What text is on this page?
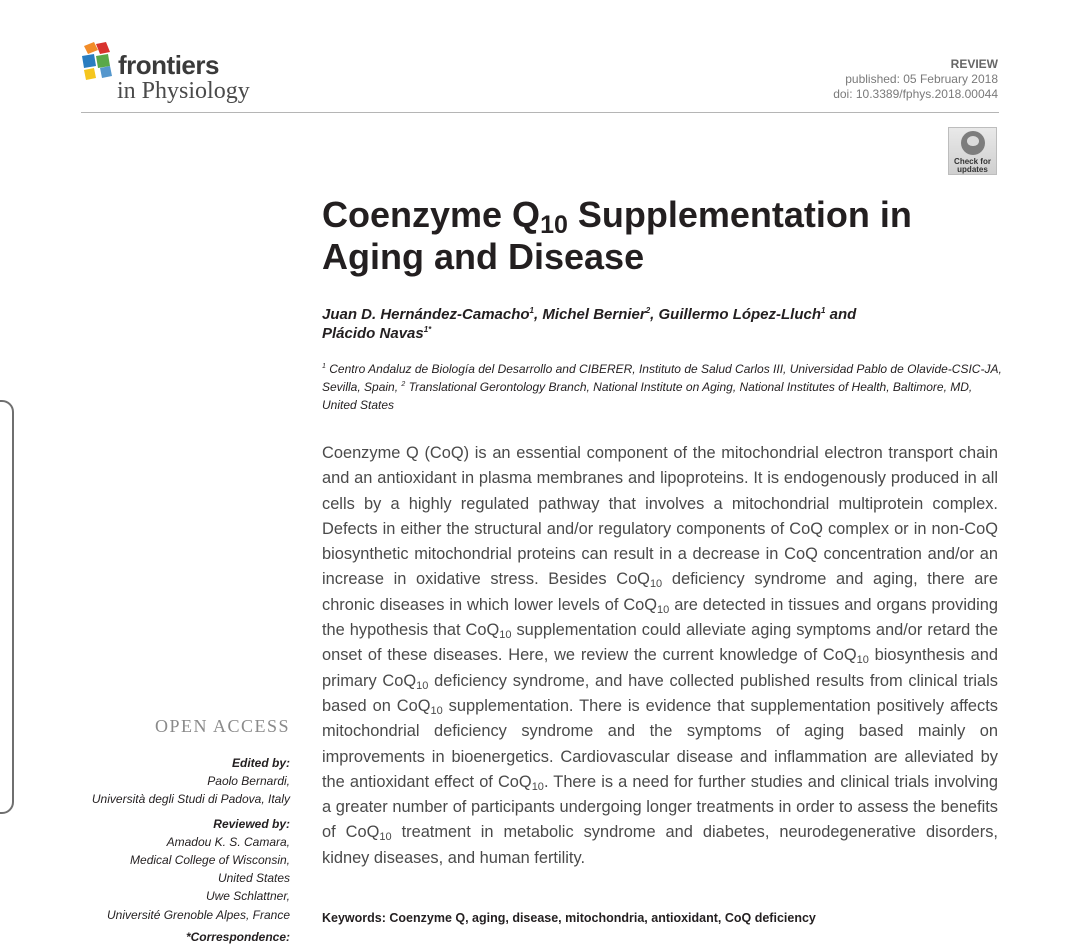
frontiers
in Physiology
REVIEW
published: 05 February 2018
doi: 10.3389/fphys.2018.00044
Check for
updates
Coenzyme $Q_{10}$ Supplementation in Aging and Disease
Juan D. Hernández-Camacho$^1$, Michel Bernier$^2$, Guillermo López-Lluch$^1$ and
Plácido Navas$^{1*}$
$^1$ Centro Andaluz de Biología del Desarrollo and CIBERER, Instituto de Salud Carlos III, Universidad Pablo de Olavide-CSIC-JA, Sevilla, Spain, $^2$ Translational Gerontology Branch, National Institute on Aging, National Institutes of Health, Baltimore, MD, United States

Coenzyme Q (CoQ) is an essential component of the mitochondrial electron transport chain and an antioxidant in plasma membranes and lipoproteins. It is endogenously produced in all cells by a highly regulated pathway that involves a mitochondrial multiprotein complex. Defects in either the structural and/or regulatory components of CoQ complex or in non-CoQ biosynthetic mitochondrial proteins can result in a decrease in CoQ concentration and/or an increase in oxidative stress. Besides CoQ$_{10}$ deficiency syndrome and aging, there are chronic diseases in which lower levels of CoQ$_{10}$ are detected in tissues and organs providing the hypothesis that CoQ$_{10}$ supplementation could alleviate aging symptoms and/or retard the onset of these diseases. Here, we review the current knowledge of CoQ$_{10}$ biosynthesis and primary CoQ$_{10}$ deficiency syndrome, and have collected published results from clinical trials based on CoQ$_{10}$ supplementation. There is evidence that supplementation positively affects mitochondrial deficiency syndrome and the symptoms of aging based mainly on improvements in bioenergetics. Cardiovascular disease and inflammation are alleviated by the antioxidant effect of CoQ$_{10}$. There is a need for further studies and clinical trials involving a greater number of participants undergoing longer treatments in order to assess the benefits of CoQ$_{10}$ treatment in metabolic syndrome and diabetes, neurodegenerative disorders, kidney diseases, and human fertility.

Keywords: Coenzyme Q, aging, disease, mitochondria, antioxidant, CoQ deficiency
OPEN ACCESS
Edited by:
Paolo Bernardi,
Università degli Studi di Padova, Italy
Reviewed by:
Amadou K. S. Camara,
Medical College of Wisconsin,
United States
Uwe Schlattner,
Université Grenoble Alpes, France
*Correspondence:
